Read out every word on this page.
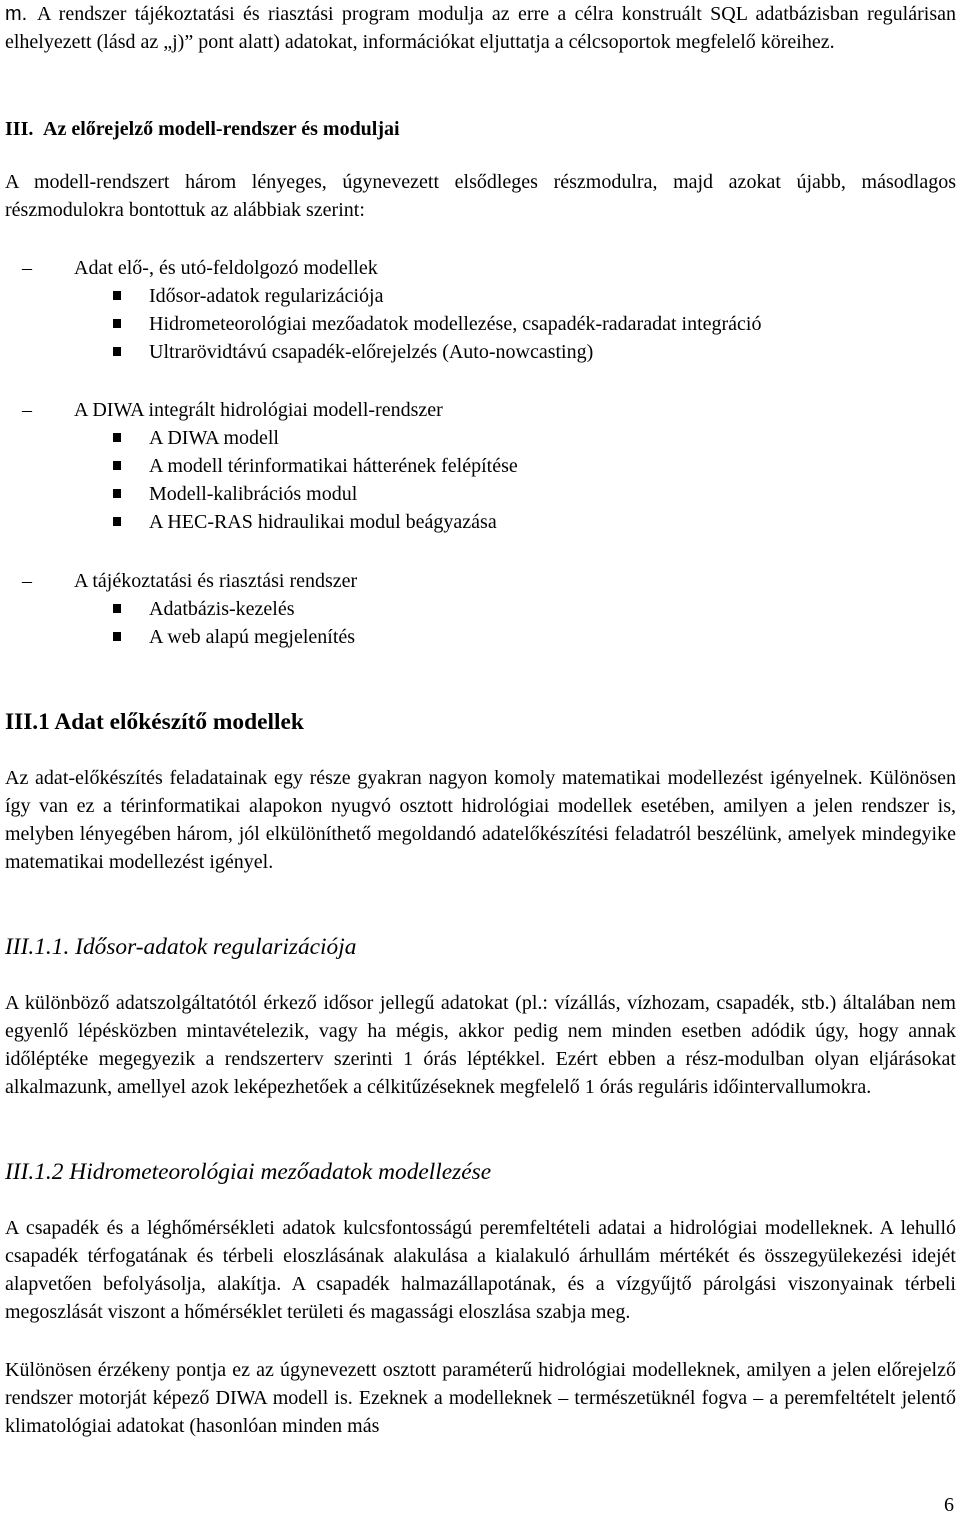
m. A rendszer tájékoztatási és riasztási program modulja az erre a célra konstruált SQL adatbázisban regulárisan elhelyezett (lásd az „j)” pont alatt) adatokat, információkat eljuttatja a célcsoportok megfelelő köreihez.

III. Az előrejelző modell-rendszer és moduljai

A modell-rendszert három lényeges, úgynevezett elsődleges részmodulra, majd azokat újabb, másodlagos részmodulokra bontottuk az alábbiak szerint:

– Adat elő-, és utó-feldolgozó modellek
Idősor-adatok regularizációja
Hidrometeorológiai mezőadatok modellezése, csapadék-radaradat integráció
Ultrarövidtávú csapadék-előrejelzés (Auto-nowcasting)
– A DIWA integrált hidrológiai modell-rendszer
A DIWA modell
A modell térinformatikai hátterének felépítése
Modell-kalibrációs modul
A HEC-RAS hidraulikai modul beágyazása
– A tájékoztatási és riasztási rendszer
Adatbázis-kezelés
A web alapú megjelenítés
III.1 Adat előkészítő modellek

Az adat-előkészítés feladatainak egy része gyakran nagyon komoly matematikai modellezést igényelnek. Különösen így van ez a térinformatikai alapokon nyugvó osztott hidrológiai modellek esetében, amilyen a jelen rendszer is, melyben lényegében három, jól elkülöníthető megoldandó adatelőkészítési feladatról beszélünk, amelyek mindegyike matematikai modellezést igényel.

III.1.1. Idősor-adatok regularizációja

A különböző adatszolgáltatótól érkező idősor jellegű adatokat (pl.: vízállás, vízhozam, csapadék, stb.) általában nem egyenlő lépésközben mintavételezik, vagy ha mégis, akkor pedig nem minden esetben adódik úgy, hogy annak időléptéke megegyezik a rendszerterv szerinti 1 órás léptékkel. Ezért ebben a rész-modulban olyan eljárásokat alkalmazunk, amellyel azok leképezhetőek a célkitűzéseknek megfelelő 1 órás reguláris időintervallumokra.

III.1.2 Hidrometeorológiai mezőadatok modellezése

A csapadék és a léghőmérsékleti adatok kulcsfontosságú peremfeltételi adatai a hidrológiai modelleknek. A lehulló csapadék térfogatának és térbeli eloszlásának alakulása a kialakuló árhullám mértékét és összegyülekezési idejét alapvetően befolyásolja, alakítja. A csapadék halmazállapotának, és a vízgyűjtő párolgási viszonyainak térbeli megoszlását viszont a hőmérséklet területi és magassági eloszlása szabja meg.

Különösen érzékeny pontja ez az úgynevezett osztott paraméterű hidrológiai modelleknek, amilyen a jelen előrejelző rendszer motorját képező DIWA modell is. Ezeknek a modelleknek – természetüknél fogva – a peremfeltételt jelentő klimatológiai adatokat (hasonlóan minden más

6
